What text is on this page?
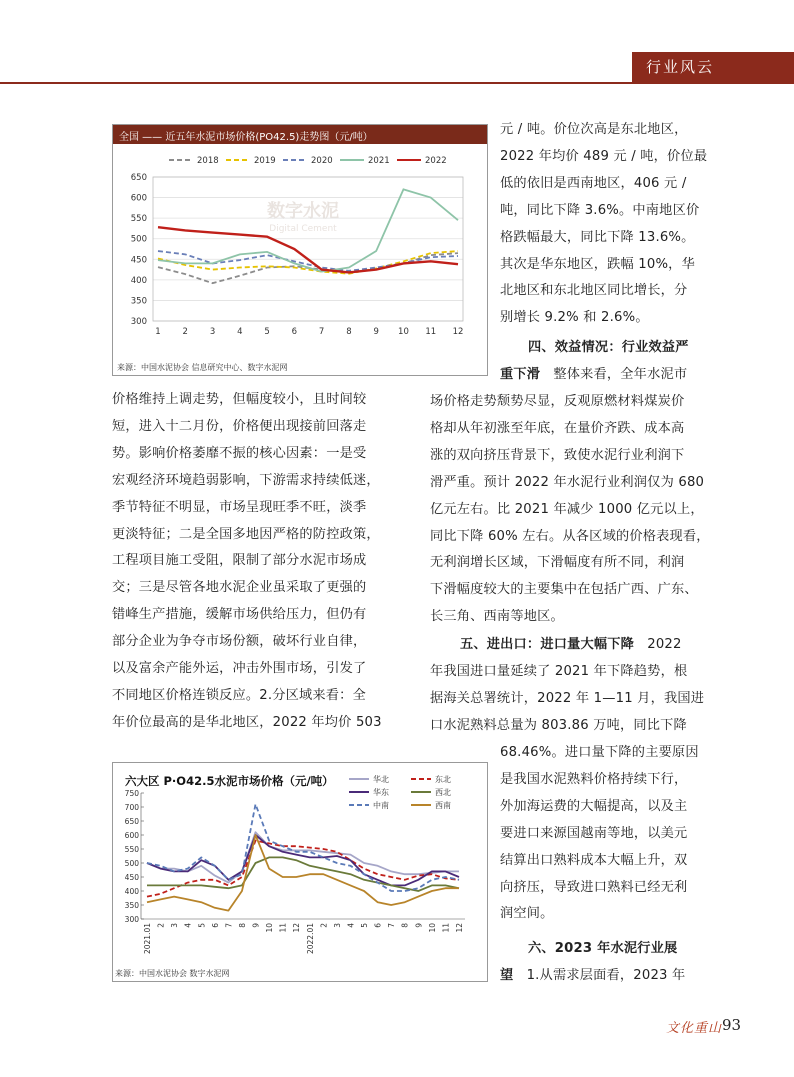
行业风云
全国 —— 近五年水泥市场价格(PO42.5)走势图（元/吨）
数字水泥
Digital Cement
650
600
550
500
450
400
350
300
1	2	3	4	5	6	7	8	9 10 11 12
2018	2019	2020	2021	2022
来源：中国水泥协会 信息研究中心、数字水泥网
价格维持上调走势，但幅度较小，且时间较
短，进入十二月份，价格便出现接前回落走
势。影响价格萎靡不振的核心因素：一是受
宏观经济环境趋弱影响，下游需求持续低迷，
季节特征不明显，市场呈现旺季不旺，淡季
更淡特征；二是全国多地因严格的防控政策，
工程项目施工受阻，限制了部分水泥市场成
交；三是尽管各地水泥企业虽采取了更强的
错峰生产措施，缓解市场供给压力，但仍有
部分企业为争夺市场份额，破坏行业自律，
以及富余产能外运，冲击外围市场，引发了
不同地区价格连锁反应。2.分区域来看：全
年价位最高的是华北地区，2022 年均价 503
元 / 吨。价位次高是东北地区，
2022 年均价 489 元 / 吨，价位最
低的依旧是西南地区，406 元 /
吨，同比下降 3.6%。中南地区价
格跌幅最大，同比下降 13.6%。
其次是华东地区，跌幅 10%，华
北地区和东北地区同比增长，分
别增长 9.2% 和 2.6%。
四、效益情况：行业效益严
重下滑 整体来看，全年水泥市
场价格走势颓势尽显，反观原燃材料煤炭价
格却从年初涨至年底，在量价齐跌、成本高
涨的双向挤压背景下，致使水泥行业利润下
滑严重。预计 2022 年水泥行业利润仅为 680
亿元左右。比 2021 年减少 1000 亿元以上，
同比下降 60% 左右。从各区域的价格表现看，
无利润增长区域，下滑幅度有所不同，利润
下滑幅度较大的主要集中在包括广西、广东、
长三角、西南等地区。
五、进出口：进口量大幅下降 2022
年我国进口量延续了 2021 年下降趋势，根
据海关总署统计，2022 年 1—11 月，我国进
口水泥熟料总量为 803.86 万吨，同比下降
68.46%。进口量下降的主要原因
是我国水泥熟料价格持续下行，
外加海运费的大幅提高，以及主
要进口来源国越南等地，以美元
结算出口熟料成本大幅上升，双
向挤压，导致进口熟料已经无利
润空间。
六大区 P·O42.5水泥市场价格（元/吨）
750
700
650
600
550
500
450
400
350
300
2021.01 2 3 4 5 6 7 8 9 10 11 12 2022.01 2 3 4 5 6 7 8 9 10 11 12
华北	东北
华东	西北
中南	西南
来源：中国水泥协会 数字水泥网
六、2023 年水泥行业展
望 1.从需求层面看，2023 年
文化重山 93
